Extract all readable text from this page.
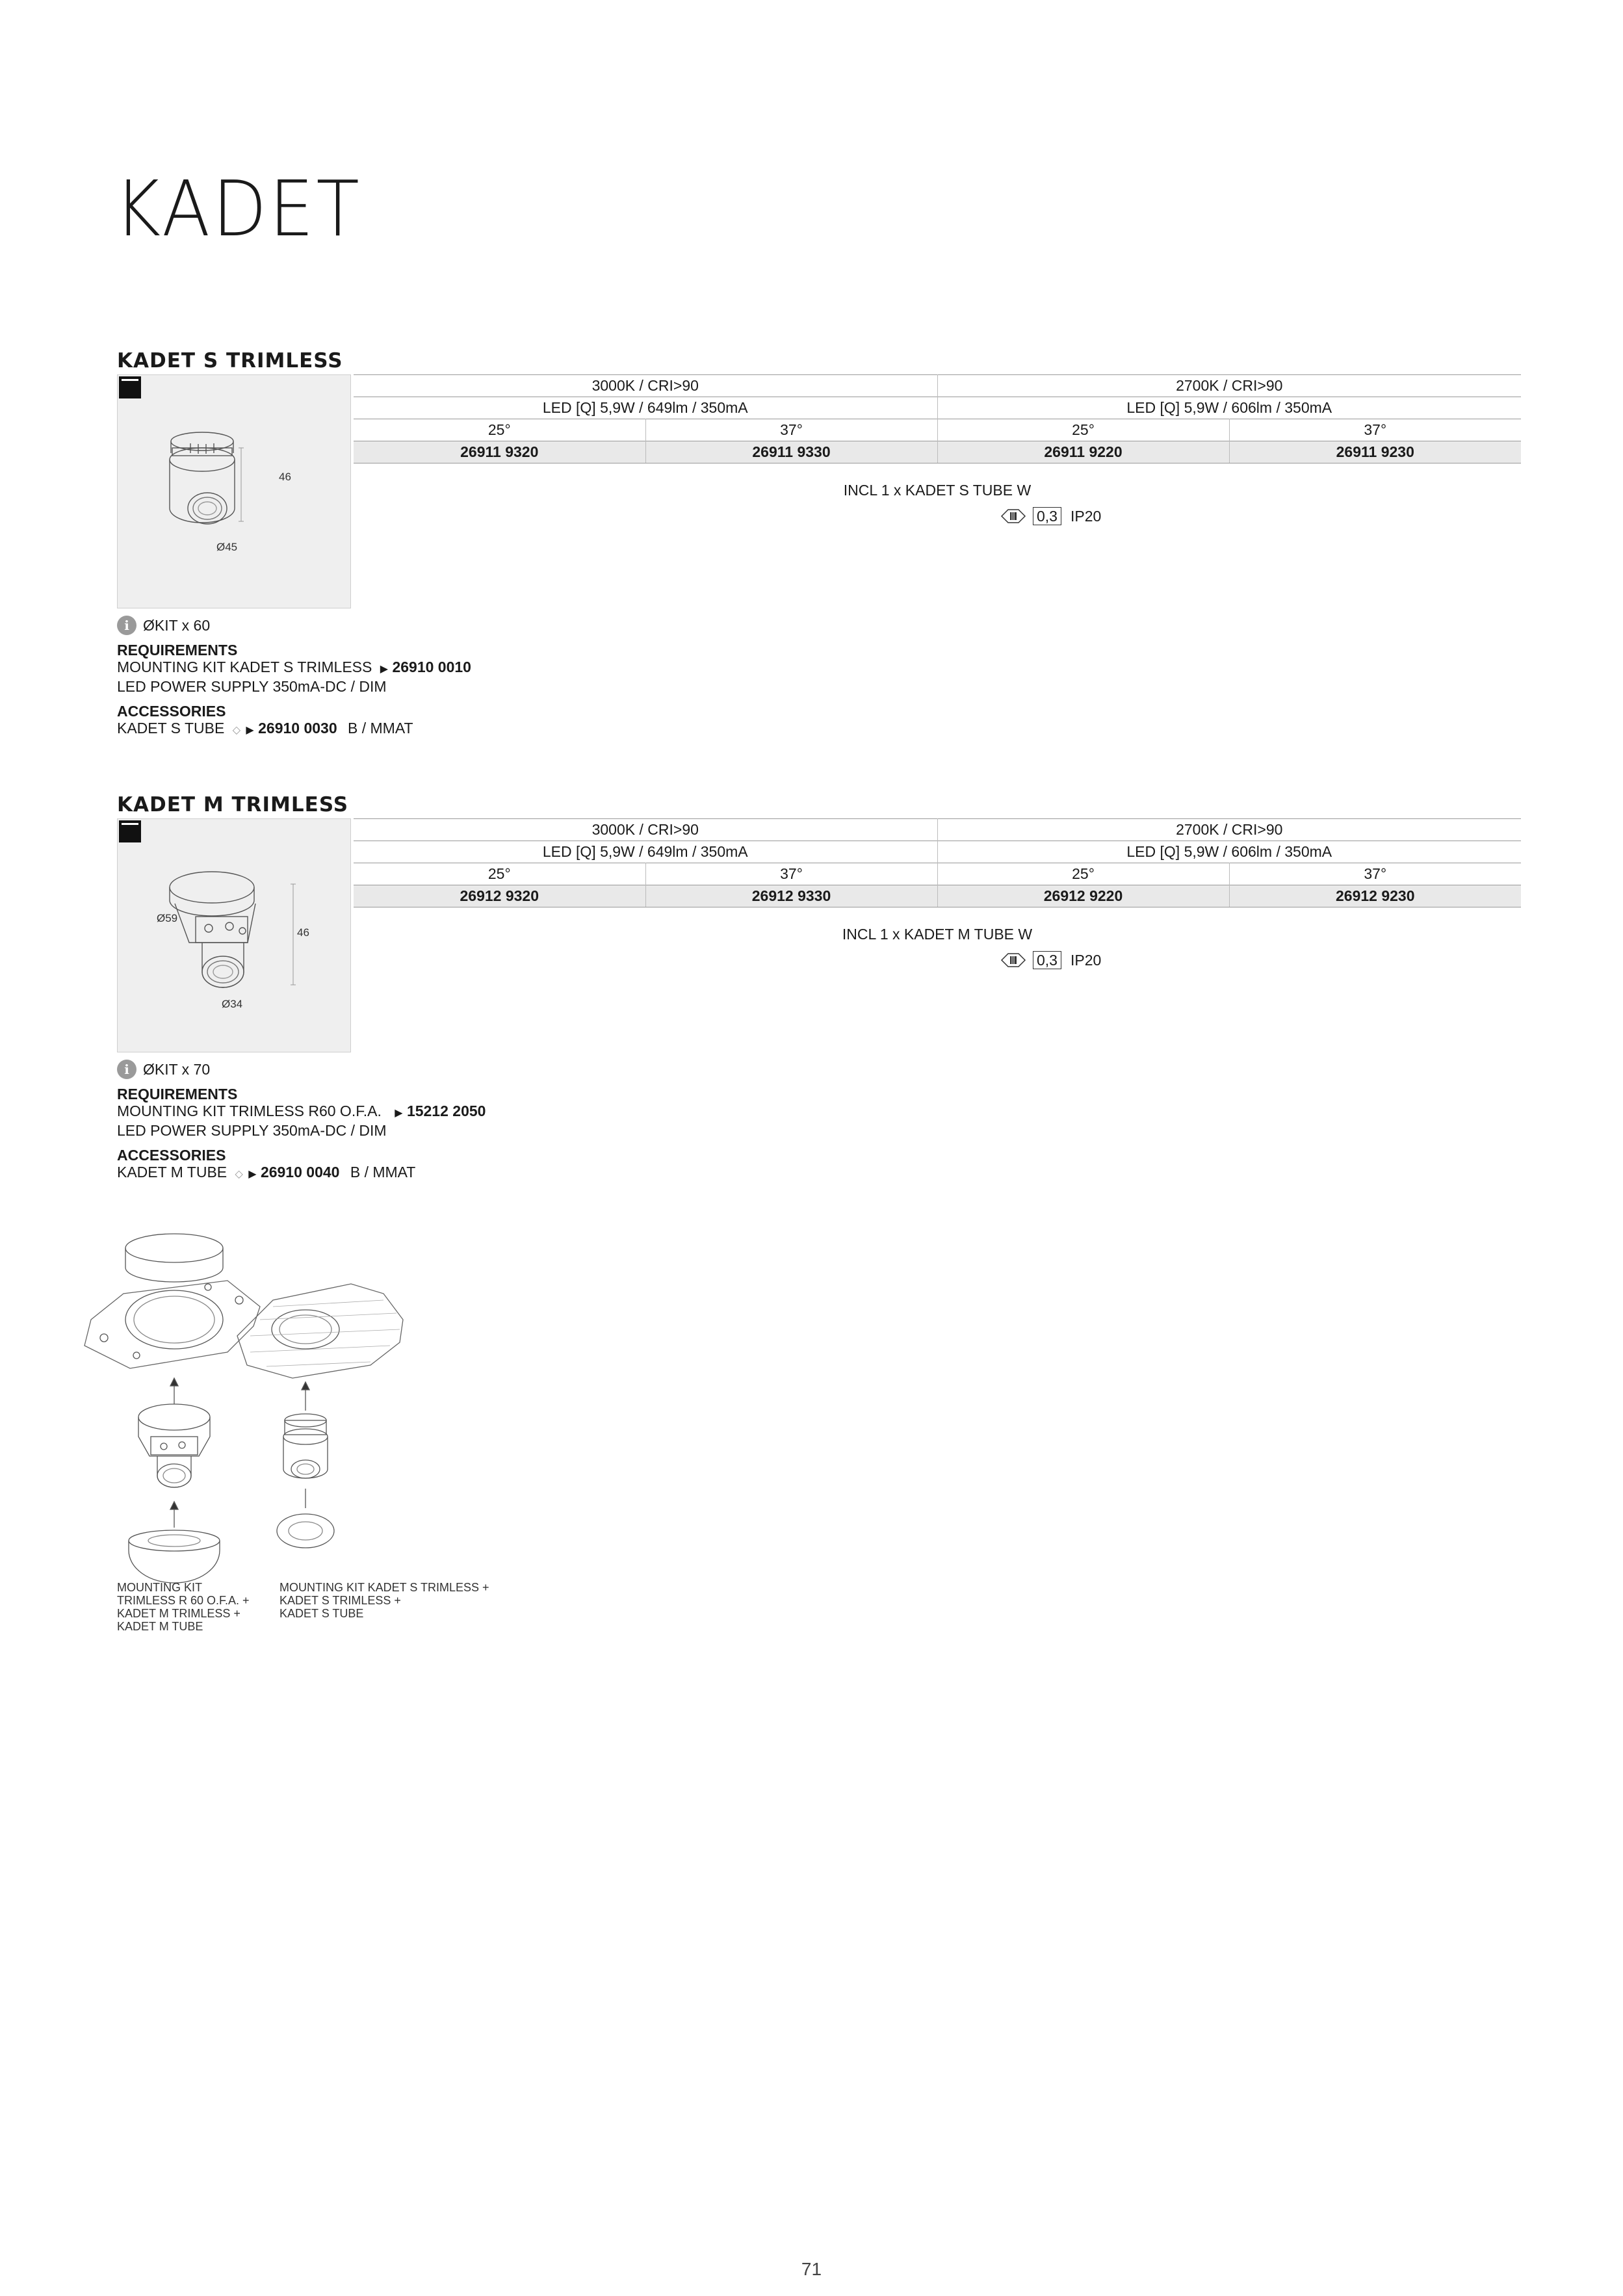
KADET
KADET S TRIMLESS
46
Ø45
3000K / CRI>90		2700K / CRI>90	
LED [Q] 5,9W / 649lm / 350mA		LED [Q] 5,9W / 606lm / 350mA	
25°	37°	25°	37°
26911 9320	26911 9330	26911 9220	26911 9230
INCL 1 x KADET S TUBE W
0,3 IP20
i ØKIT x 60
REQUIREMENTS
MOUNTING KIT KADET S TRIMLESS ▶ 26910 0010
LED POWER SUPPLY 350mA-DC / DIM
ACCESSORIES
KADET S TUBE ◇ ▶ 26910 0030 B / MMAT
KADET M TRIMLESS
Ø59
46
Ø34
3000K / CRI>90		2700K / CRI>90	
LED [Q] 5,9W / 649lm / 350mA		LED [Q] 5,9W / 606lm / 350mA	
25°	37°	25°	37°
26912 9320	26912 9330	26912 9220	26912 9230
INCL 1 x KADET M TUBE W
0,3 IP20
i ØKIT x 70
REQUIREMENTS
MOUNTING KIT TRIMLESS R60 O.F.A. ▶ 15212 2050
LED POWER SUPPLY 350mA-DC / DIM
ACCESSORIES
KADET M TUBE ◇ ▶ 26910 0040 B / MMAT
MOUNTING KIT
TRIMLESS R 60 O.F.A. +
KADET M TRIMLESS +
KADET M TUBE
MOUNTING KIT KADET S TRIMLESS +
KADET S TRIMLESS +
KADET S TUBE
71
